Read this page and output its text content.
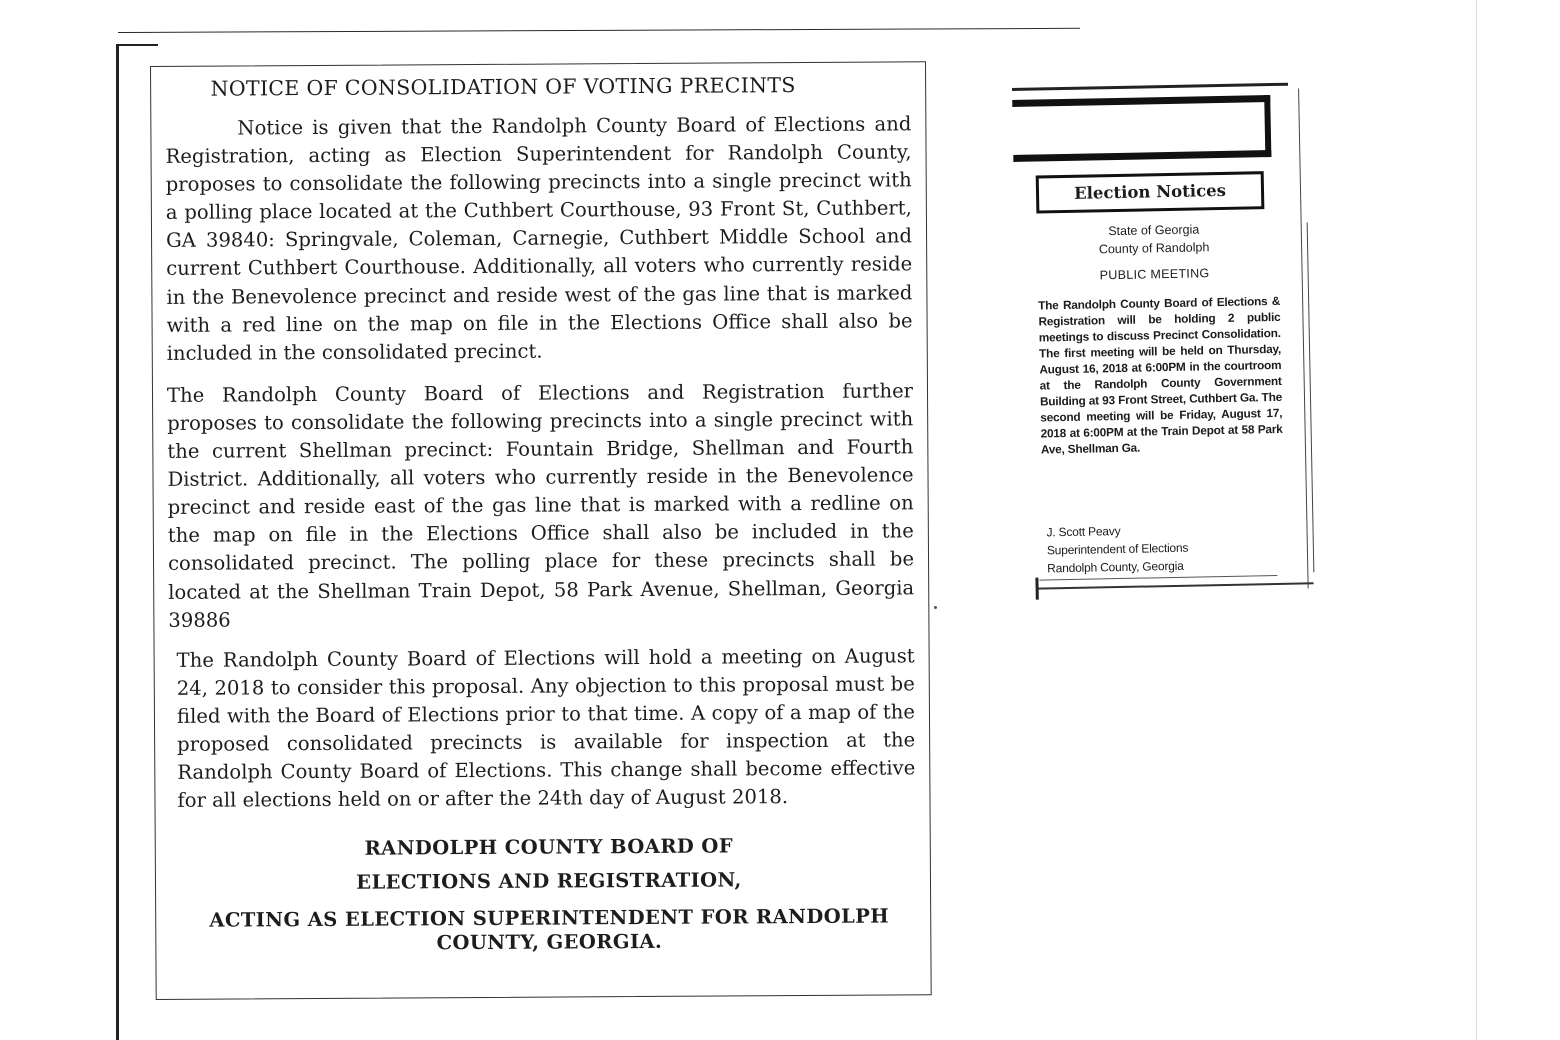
NOTICE OF CONSOLIDATION OF VOTING PRECINTS

Notice is given that the Randolph County Board of Elections and Registration, acting as Election Superintendent for Randolph County, proposes to consolidate the following precincts into a single precinct with a polling place located at the Cuthbert Courthouse, 93 Front St, Cuthbert, GA 39840: Springvale, Coleman, Carnegie, Cuthbert Middle School and current Cuthbert Courthouse. Additionally, all voters who currently reside in the Benevolence precinct and reside west of the gas line that is marked with a red line on the map on file in the Elections Office shall also be included in the consolidated precinct.

The Randolph County Board of Elections and Registration further proposes to consolidate the following precincts into a single precinct with the current Shellman precinct: Fountain Bridge, Shellman and Fourth District. Additionally, all voters who currently reside in the Benevolence precinct and reside east of the gas line that is marked with a redline on the map on file in the Elections Office shall also be included in the consolidated precinct. The polling place for these precincts shall be located at the Shellman Train Depot, 58 Park Avenue, Shellman, Georgia 39886

The Randolph County Board of Elections will hold a meeting on August 24, 2018 to consider this proposal. Any objection to this proposal must be filed with the Board of Elections prior to that time. A copy of a map of the proposed consolidated precincts is available for inspection at the Randolph County Board of Elections. This change shall become effective for all elections held on or after the 24th day of August 2018.

RANDOLPH COUNTY BOARD OF
ELECTIONS AND REGISTRATION,
ACTING AS ELECTION SUPERINTENDENT FOR RANDOLPH COUNTY, GEORGIA.
Election Notices
State of Georgia
County of Randolph
PUBLIC MEETING
The Randolph County Board of Elections & Registration will be holding 2 public meetings to discuss Precinct Consolidation. The first meeting will be held on Thursday, August 16, 2018 at 6:00PM in the courtroom at the Randolph County Government Building at 93 Front Street, Cuthbert Ga. The second meeting will be Friday, August 17, 2018 at 6:00PM at the Train Depot at 58 Park Ave, Shellman Ga.
J. Scott Peavy
Superintendent of Elections
Randolph County, Georgia
